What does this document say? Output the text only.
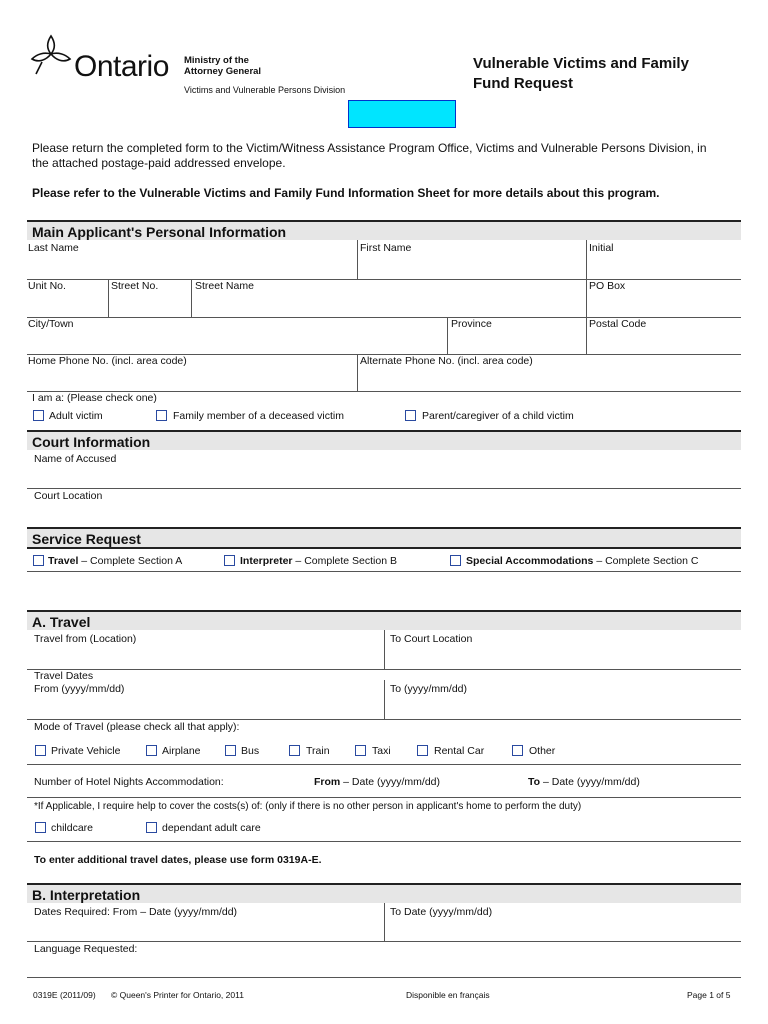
Ontario Ministry of the
Attorney General
Victims and Vulnerable Persons Division
Vulnerable Victims and Family
Fund Request
Please return the completed form to the Victim/Witness Assistance Program Office, Victims and Vulnerable Persons Division, in
the attached postage-paid addressed envelope.
Please refer to the Vulnerable Victims and Family Fund Information Sheet for more details about this program.
Main Applicant's Personal Information
Last Name	First Name	Initial
Unit No.	Street No.	Street Name	PO Box
City/Town	Province	Postal Code
Home Phone No. (incl. area code)	Alternate Phone No. (incl. area code)
I am a: (Please check one)
Adult victim	Family member of a deceased victim	Parent/caregiver of a child victim
Court Information
Name of Accused
Court Location
Service Request
Travel – Complete Section A	Interpreter – Complete Section B	Special Accommodations – Complete Section C
A. Travel
Travel from (Location)	To Court Location
Travel Dates
From (yyyy/mm/dd)	To (yyyy/mm/dd)
Mode of Travel (please check all that apply):
Private Vehicle	Airplane	Bus	Train	Taxi	Rental Car	Other
Number of Hotel Nights Accommodation:	From – Date (yyyy/mm/dd)	To – Date (yyyy/mm/dd)
*If Applicable, I require help to cover the costs(s) of: (only if there is no other person in applicant's home to perform the duty)
childcare	dependant adult care
To enter additional travel dates, please use form 0319A-E.
B. Interpretation
Dates Required: From – Date (yyyy/mm/dd)	To Date (yyyy/mm/dd)
Language Requested:
0319E (2011/09) © Queen's Printer for Ontario, 2011	Disponible en français	Page 1 of 5
